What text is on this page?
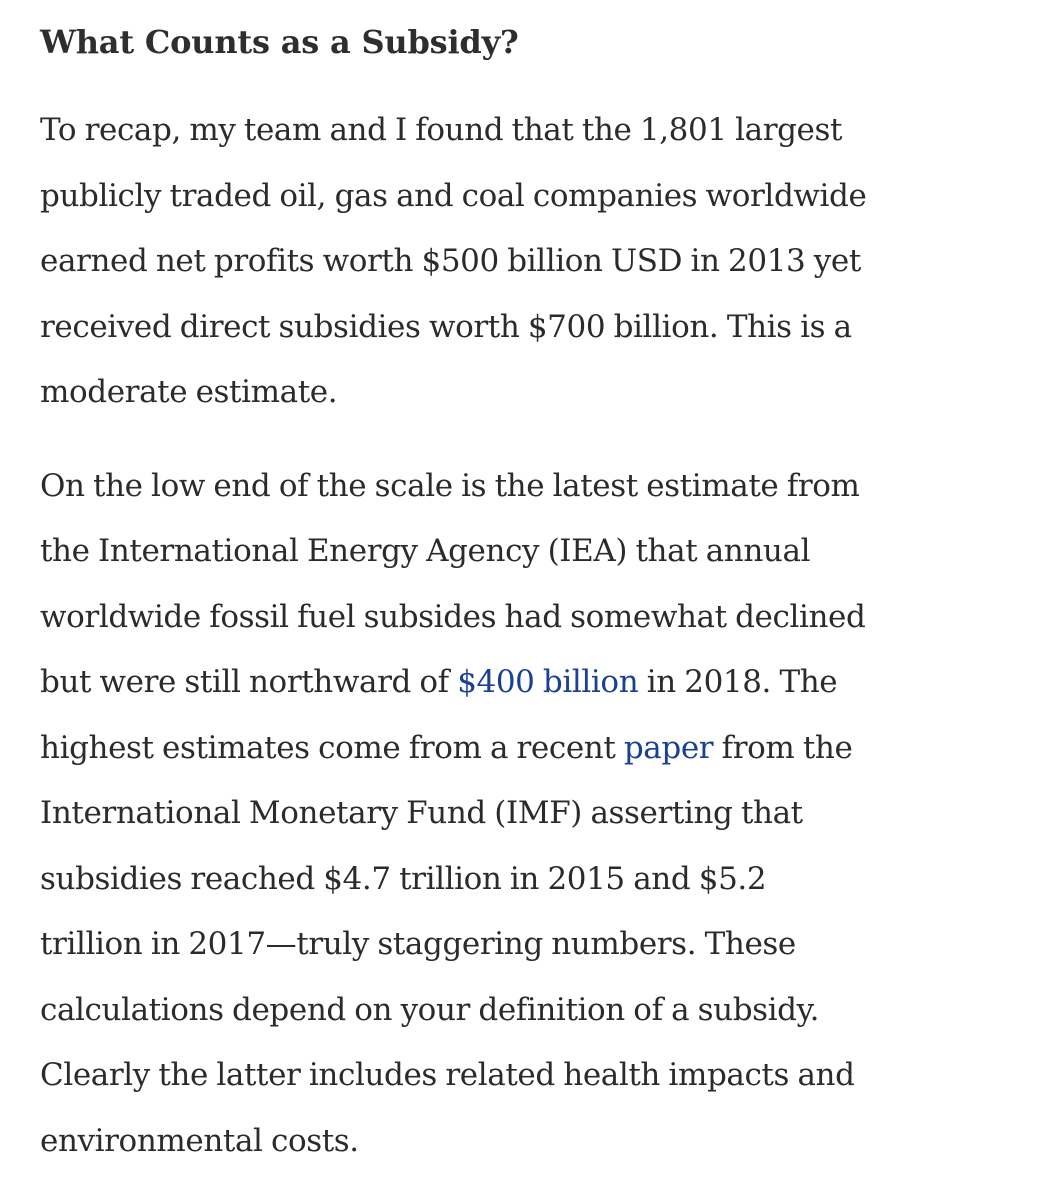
What Counts as a Subsidy?

To recap, my team and I found that the 1,801 largest
publicly traded oil, gas and coal companies worldwide
earned net profits worth $500 billion USD in 2013 yet
received direct subsidies worth $700 billion. This is a
moderate estimate.

On the low end of the scale is the latest estimate from
the International Energy Agency (IEA) that annual
worldwide fossil fuel subsides had somewhat declined
but were still northward of $400 billion in 2018. The
highest estimates come from a recent paper from the
International Monetary Fund (IMF) asserting that
subsidies reached $4.7 trillion in 2015 and $5.2
trillion in 2017—truly staggering numbers. These
calculations depend on your definition of a subsidy.
Clearly the latter includes related health impacts and
environmental costs.
